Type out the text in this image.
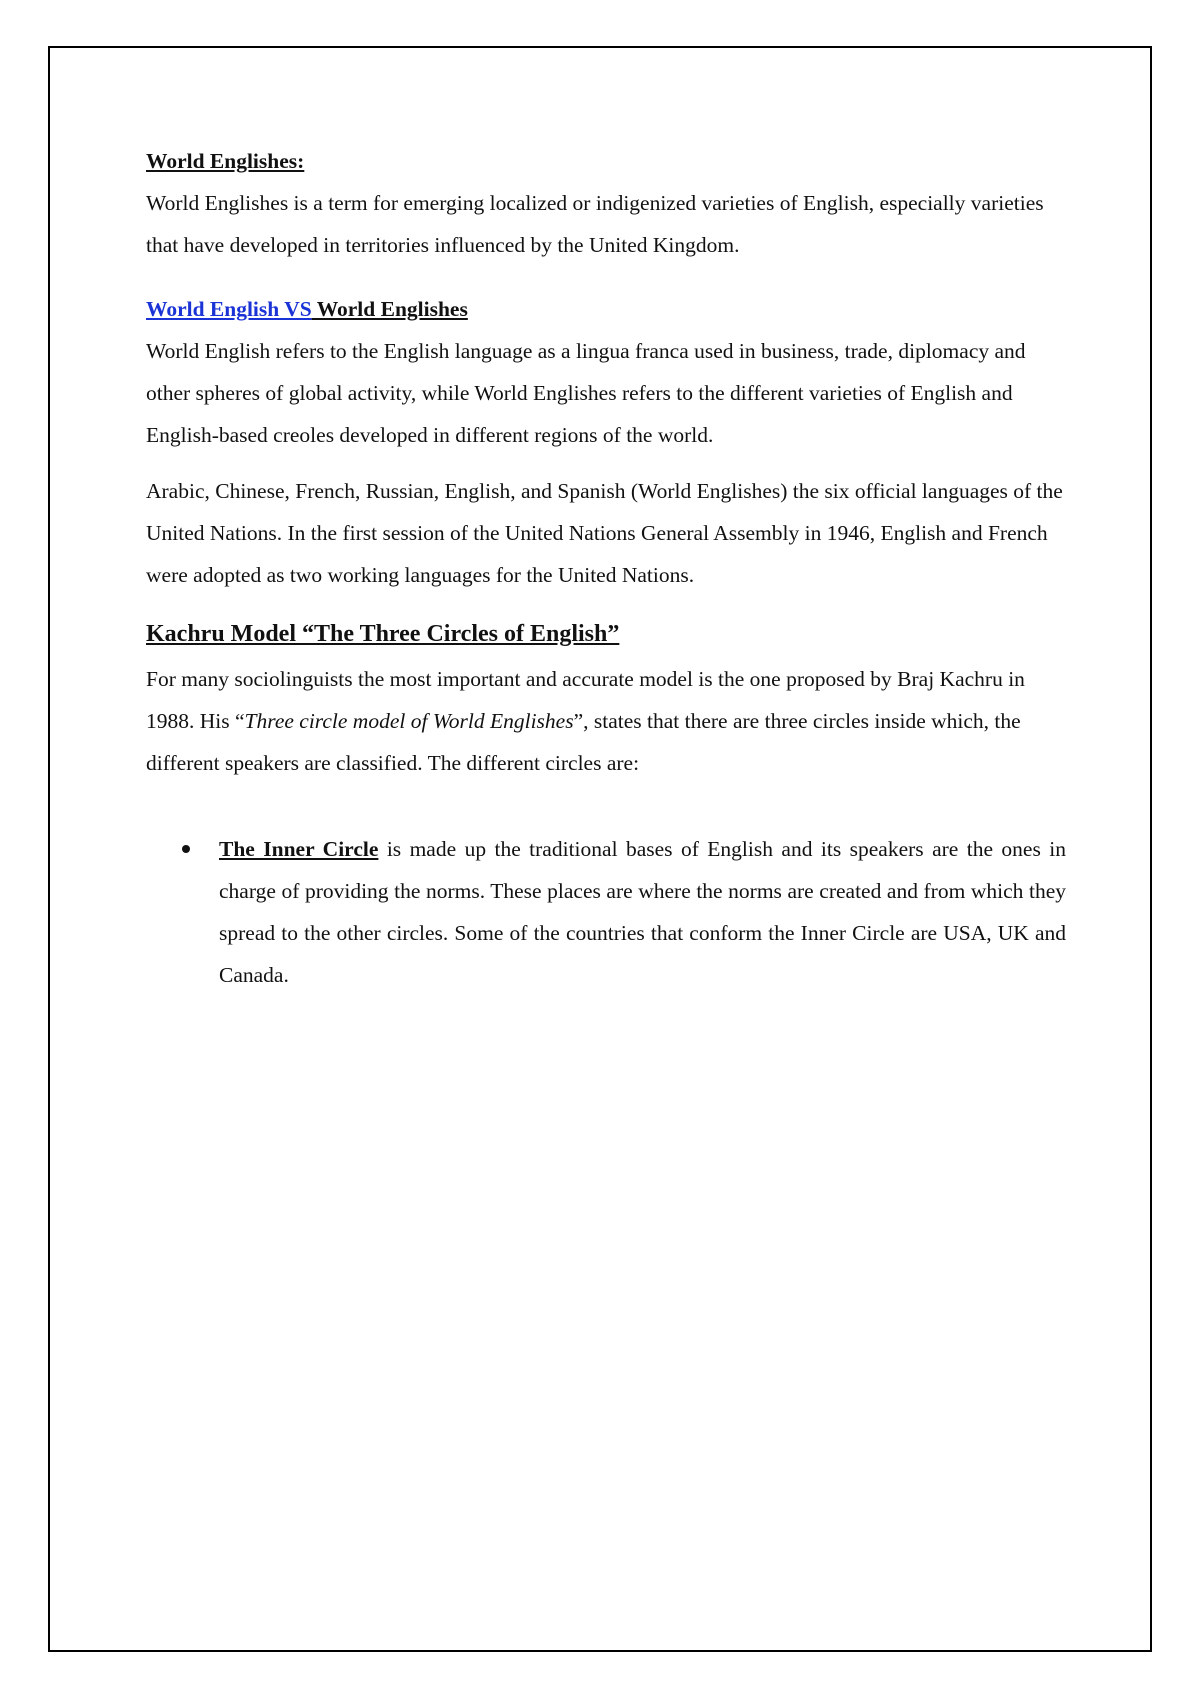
World Englishes:

World Englishes is a term for emerging localized or indigenized varieties of English, especially varieties that have developed in territories influenced by the United Kingdom.

World English VS World Englishes

World English refers to the English language as a lingua franca used in business, trade, diplomacy and other spheres of global activity, while World Englishes refers to the different varieties of English and English-based creoles developed in different regions of the world.

Arabic, Chinese, French, Russian, English, and Spanish (World Englishes) the six official languages of the United Nations. In the first session of the United Nations General Assembly in 1946, English and French were adopted as two working languages for the United Nations.

Kachru Model “The Three Circles of English”

For many sociolinguists the most important and accurate model is the one proposed by Braj Kachru in 1988. His “Three circle model of World Englishes”, states that there are three circles inside which, the different speakers are classified. The different circles are:

The Inner Circle is made up the traditional bases of English and its speakers are the ones in charge of providing the norms. These places are where the norms are created and from which they spread to the other circles. Some of the countries that conform the Inner Circle are USA, UK and Canada.
